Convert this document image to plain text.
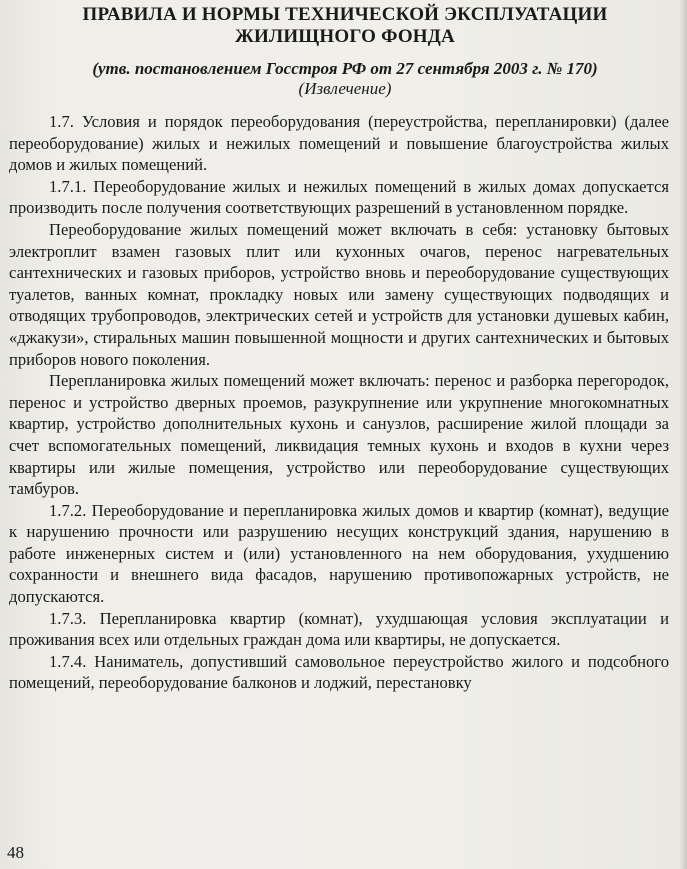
ПРАВИЛА И НОРМЫ ТЕХНИЧЕСКОЙ ЭКСПЛУАТАЦИИ
ЖИЛИЩНОГО ФОНДА
(утв. постановлением Госстроя РФ от 27 сентября 2003 г. № 170)
(Извлечение)

1.7. Условия и порядок переоборудования (переустройства, перепланировки) (далее переоборудование) жилых и нежилых помещений и повышение благоустройства жилых домов и жилых помещений.

1.7.1. Переоборудование жилых и нежилых помещений в жилых домах допускается производить после получения соответствующих разрешений в установленном порядке.

Переоборудование жилых помещений может включать в себя: установку бытовых электроплит взамен газовых плит или кухонных очагов, перенос нагревательных сантехнических и газовых приборов, устройство вновь и переоборудование существующих туалетов, ванных комнат, прокладку новых или замену существующих подводящих и отводящих трубопроводов, электрических сетей и устройств для установки душевых кабин, «джакузи», стиральных машин повышенной мощности и других сантехнических и бытовых приборов нового поколения.

Перепланировка жилых помещений может включать: перенос и разборка перегородок, перенос и устройство дверных проемов, разукрупнение или укрупнение многокомнатных квартир, устройство дополнительных кухонь и санузлов, расширение жилой площади за счет вспомогательных помещений, ликвидация темных кухонь и входов в кухни через квартиры или жилые помещения, устройство или переоборудование существующих тамбуров.

1.7.2. Переоборудование и перепланировка жилых домов и квартир (комнат), ведущие к нарушению прочности или разрушению несущих конструкций здания, нарушению в работе инженерных систем и (или) установленного на нем оборудования, ухудшению сохранности и внешнего вида фасадов, нарушению противопожарных устройств, не допускаются.

1.7.3. Перепланировка квартир (комнат), ухудшающая условия эксплуатации и проживания всех или отдельных граждан дома или квартиры, не допускается.

1.7.4. Наниматель, допустивший самовольное переустройство жилого и подсобного помещений, переоборудование балконов и лоджий, перестановку

48
